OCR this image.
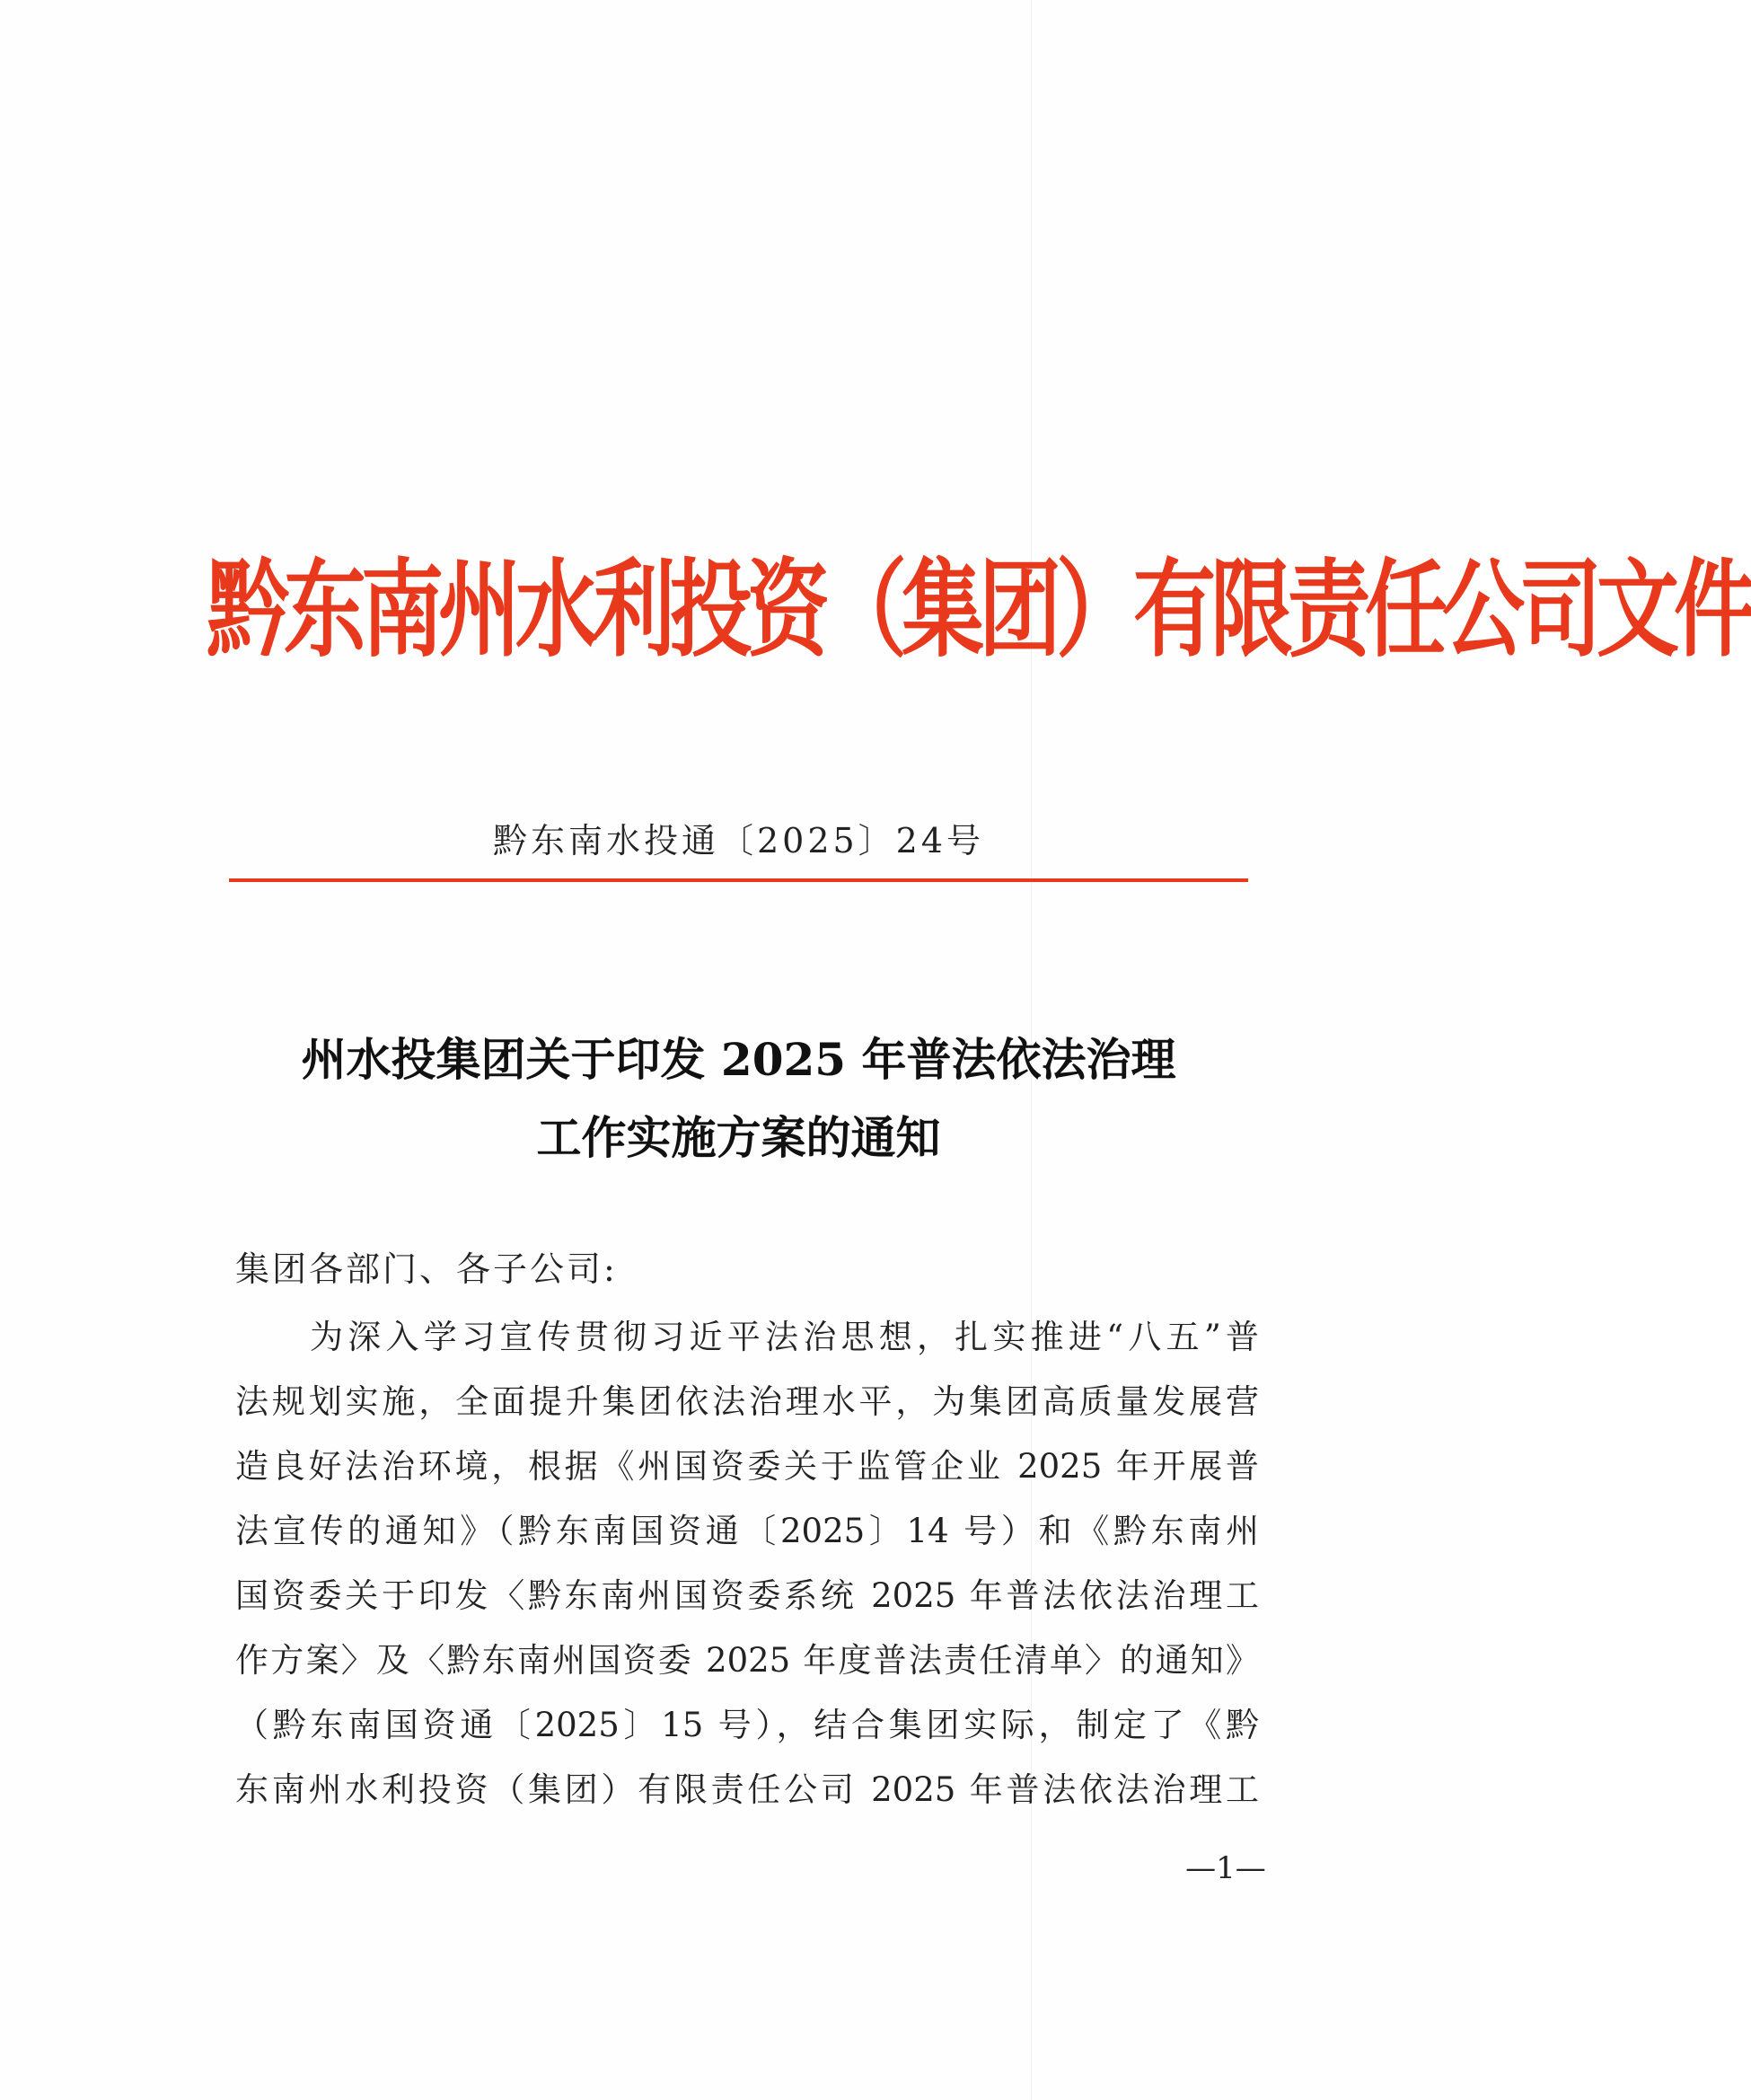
黔东南州水利投资（集团）有限责任公司文件
黔东南水投通〔2025〕24号
州水投集团关于印发 2025 年普法依法治理
工作实施方案的通知
集团各部门、各子公司:
为深入学习宣传贯彻习近平法治思想，扎实推进“八五”普
法规划实施，全面提升集团依法治理水平，为集团高质量发展营
造良好法治环境，根据《州国资委关于监管企业 2025 年开展普
法宣传的通知》（黔东南国资通〔2025〕14 号）和《黔东南州
国资委关于印发〈黔东南州国资委系统 2025 年普法依法治理工
作方案〉及〈黔东南州国资委 2025 年度普法责任清单〉的通知》
（黔东南国资通〔2025〕15 号），结合集团实际，制定了《黔
东南州水利投资（集团）有限责任公司 2025 年普法依法治理工
—1—
